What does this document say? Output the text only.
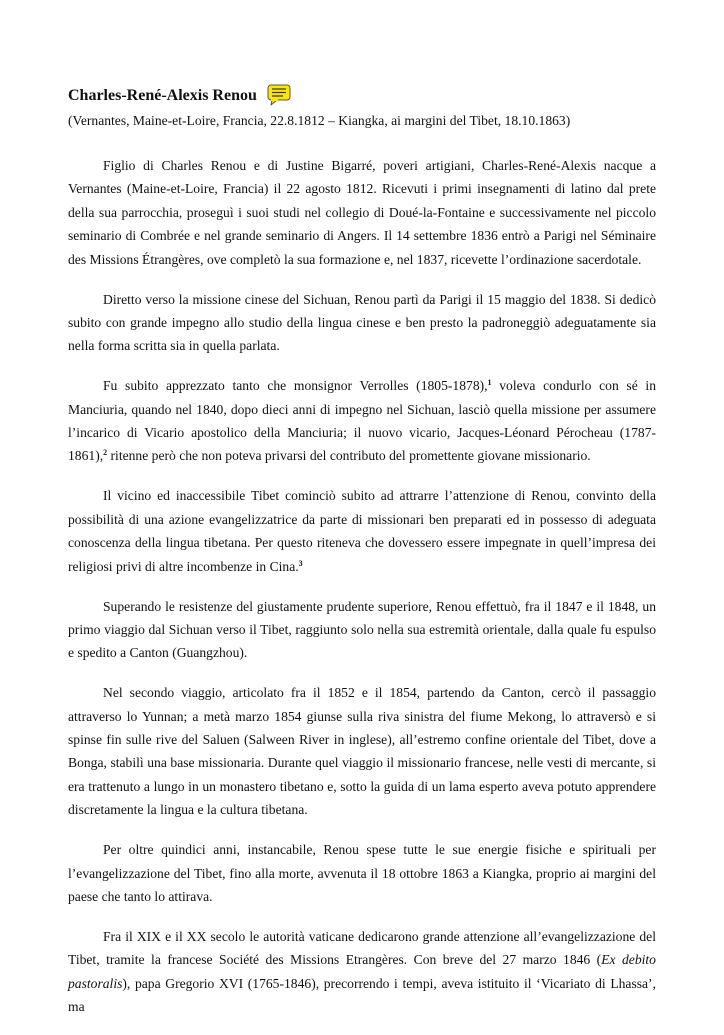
Charles-René-Alexis Renou
(Vernantes, Maine-et-Loire, Francia, 22.8.1812 – Kiangka, ai margini del Tibet, 18.10.1863)

Figlio di Charles Renou e di Justine Bigarré, poveri artigiani, Charles-René-Alexis nacque a Vernantes (Maine-et-Loire, Francia) il 22 agosto 1812. Ricevuti i primi insegnamenti di latino dal prete della sua parrocchia, proseguì i suoi studi nel collegio di Doué-la-Fontaine e successivamente nel piccolo seminario di Combrée e nel grande seminario di Angers. Il 14 settembre 1836 entrò a Parigi nel Séminaire des Missions Étrangères, ove completò la sua formazione e, nel 1837, ricevette l’ordinazione sacerdotale.

Diretto verso la missione cinese del Sichuan, Renou partì da Parigi il 15 maggio del 1838. Si dedicò subito con grande impegno allo studio della lingua cinese e ben presto la padroneggiò adeguatamente sia nella forma scritta sia in quella parlata.

Fu subito apprezzato tanto che monsignor Verrolles (1805-1878),$^1$ voleva condurlo con sé in Manciuria, quando nel 1840, dopo dieci anni di impegno nel Sichuan, lasciò quella missione per assumere l’incarico di Vicario apostolico della Manciuria; il nuovo vicario, Jacques-Léonard Pérocheau (1787-1861),$^2$ ritenne però che non poteva privarsi del contributo del promettente giovane missionario.

Il vicino ed inaccessibile Tibet cominciò subito ad attrarre l’attenzione di Renou, convinto della possibilità di una azione evangelizzatrice da parte di missionari ben preparati ed in possesso di adeguata conoscenza della lingua tibetana. Per questo riteneva che dovessero essere impegnate in quell’impresa dei religiosi privi di altre incombenze in Cina.$^3$

Superando le resistenze del giustamente prudente superiore, Renou effettuò, fra il 1847 e il 1848, un primo viaggio dal Sichuan verso il Tibet, raggiunto solo nella sua estremità orientale, dalla quale fu espulso e spedito a Canton (Guangzhou).

Nel secondo viaggio, articolato fra il 1852 e il 1854, partendo da Canton, cercò il passaggio attraverso lo Yunnan; a metà marzo 1854 giunse sulla riva sinistra del fiume Mekong, lo attraversò e si spinse fin sulle rive del Saluen (Salween River in inglese), all’estremo confine orientale del Tibet, dove a Bonga, stabilì una base missionaria. Durante quel viaggio il missionario francese, nelle vesti di mercante, si era trattenuto a lungo in un monastero tibetano e, sotto la guida di un lama esperto aveva potuto apprendere discretamente la lingua e la cultura tibetana.

Per oltre quindici anni, instancabile, Renou spese tutte le sue energie fisiche e spirituali per l’evangelizzazione del Tibet, fino alla morte, avvenuta il 18 ottobre 1863 a Kiangka, proprio ai margini del paese che tanto lo attirava.

Fra il XIX e il XX secolo le autorità vaticane dedicarono grande attenzione all’evangelizzazione del Tibet, tramite la francese Société des Missions Etrangères. Con breve del 27 marzo 1846 (Ex debito pastoralis), papa Gregorio XVI (1765-1846), precorrendo i tempi, aveva istituito il ‘Vicariato di Lhassa’, ma
